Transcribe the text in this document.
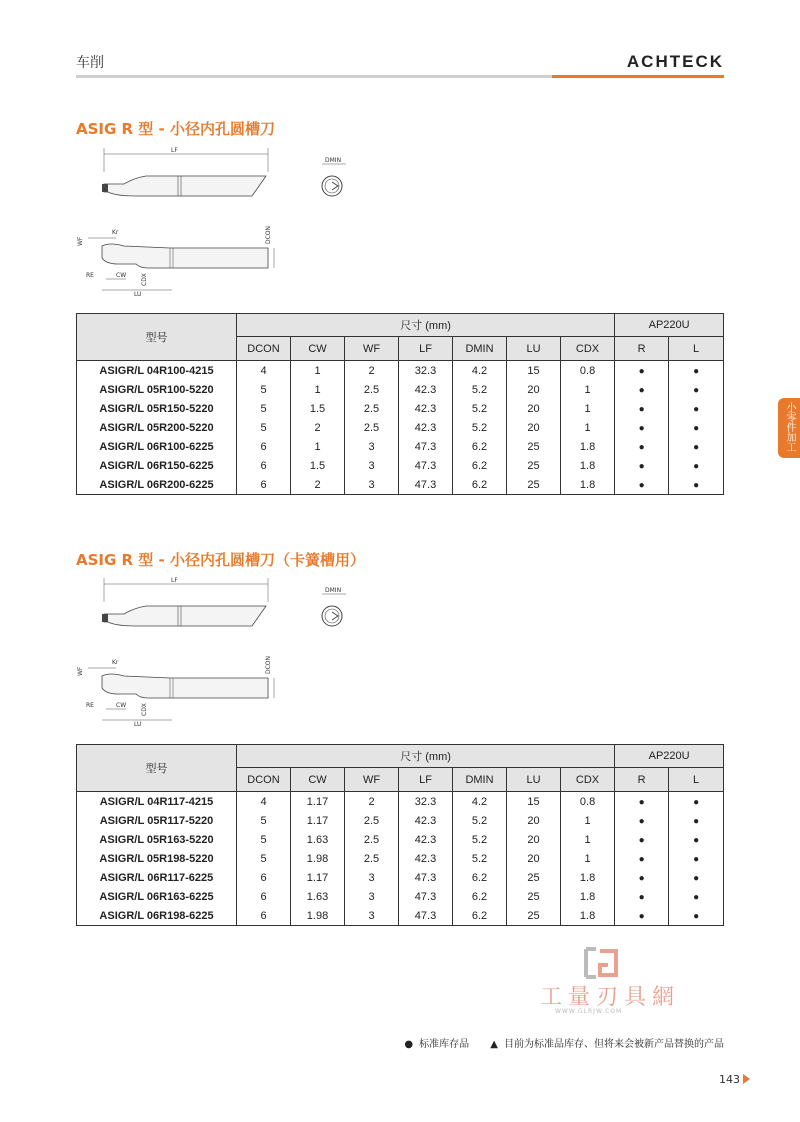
车削	ACHTECK
ASIG R 型 - 小径内孔圆槽刀
LF
DMIN
WF
Kr	DCON
RE	CW CDX
LU
型号	尺寸 (mm)							AP220U	
	DCON	CW	WF	LF	DMIN	LU	CDX	R	L
ASIGR/L 04R100-4215	4	1	2	32.3	4.2	15	0.8	●	●
ASIGR/L 05R100-5220	5	1	2.5	42.3	5.2	20	1	●	●
ASIGR/L 05R150-5220	5	1.5	2.5	42.3	5.2	20	1	●	●
ASIGR/L 05R200-5220	5	2	2.5	42.3	5.2	20	1	●	●
ASIGR/L 06R100-6225	6	1	3	47.3	6.2	25	1.8	●	●
ASIGR/L 06R150-6225	6	1.5	3	47.3	6.2	25	1.8	●	●
ASIGR/L 06R200-6225	6	2	3	47.3	6.2	25	1.8	●	●
ASIG R 型 - 小径内孔圆槽刀（卡簧槽用）
LF
DMIN
WF
Kr	DCON
RE	CW CDX
LU
型号	尺寸 (mm)							AP220U	
	DCON	CW	WF	LF	DMIN	LU	CDX	R	L
ASIGR/L 04R117-4215	4	1.17	2	32.3	4.2	15	0.8	●	●
ASIGR/L 05R117-5220	5	1.17	2.5	42.3	5.2	20	1	●	●
ASIGR/L 05R163-5220	5	1.63	2.5	42.3	5.2	20	1	●	●
ASIGR/L 05R198-5220	5	1.98	2.5	42.3	5.2	20	1	●	●
ASIGR/L 06R117-6225	6	1.17	3	47.3	6.2	25	1.8	●	●
ASIGR/L 06R163-6225	6	1.63	3	47.3	6.2	25	1.8	●	●
ASIGR/L 06R198-6225	6	1.98	3	47.3	6.2	25	1.8	●	●
小零件加工
工量刃具網
WWW.GLRJW.COM
● 标准库存品 ▲ 目前为标准品库存、但将来会被新产品替换的产品
143
